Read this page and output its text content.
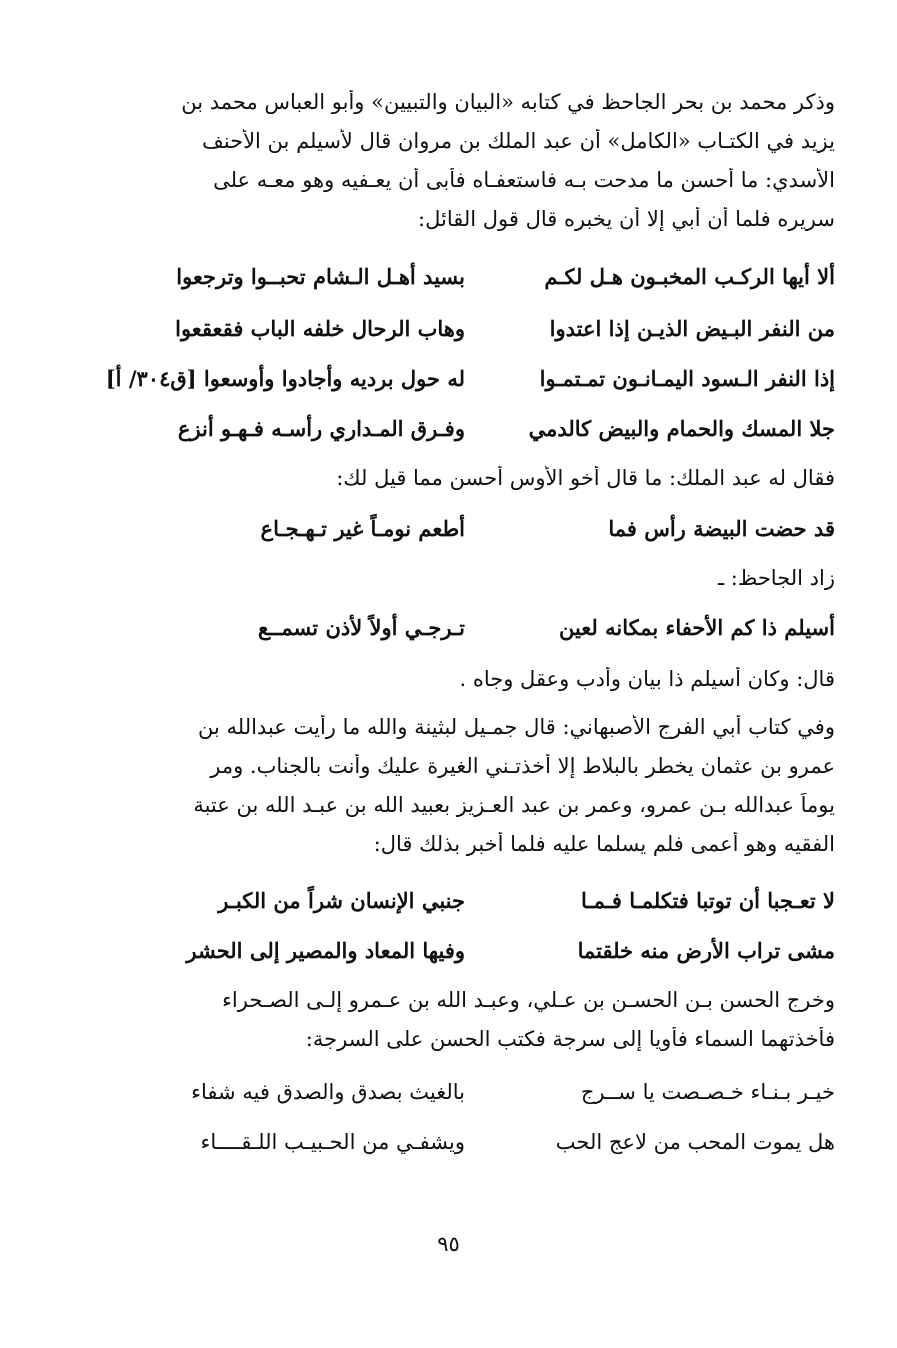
وذكر محمد بن بحر الجاحظ في كتابه «البيان والتبيين» وأبو العباس محمد بن
يزيد في الكتـاب «الكامل» أن عبد الملك بن مروان قال لأسيلم بن الأحنف
الأسدي: ما أحسن ما مدحت بـه فاستعفـاه فأبى أن يعـفيه وهو معـه على
سريره فلما أن أبي إلا أن يخبره قال قول القائل:
ألا أيها الركـب المخبـون هـل لكـم
بسيد أهـل الـشام تحبــوا وترجعوا
من النفر البـيض الذيـن إذا اعتدوا
وهاب الرحال خلفه الباب فقعقعوا
إذا النفر الـسود اليمـانـون تمـتمـوا
له حول برديه وأجادوا وأوسعوا [ق٣٠٤/ أ]
جلا المسك والحمام والبيض كالدمي
وفـرق المـداري رأسـه فـهـو أنزع
فقال له عبد الملك: ما قال أخو الأوس أحسن مما قيل لك:
قد حضت البيضة رأس فما
أطعم نومـاً غير تـهـجـاع
زاد الجاحظ: ـ
أسيلم ذا كم الأحفاء بمكانه لعين
تـرجـي أولاً لأذن تسمــع
قال: وكان أسيلم ذا بيان وأدب وعقل وجاه .
وفي كتاب أبي الفرج الأصبهاني: قال جمـيل لبثينة والله ما رأيت عبدالله بن
عمرو بن عثمان يخطر بالبلاط إلا أخذتـني الغيرة عليك وأنت بالجناب. ومر
يوماً عبدالله بـن عمرو، وعمر بن عبد العـزيز بعبيد الله بن عبـد الله بن عتبة
الفقيه وهو أعمى فلم يسلما عليه فلما أخبر بذلك قال:
لا تعـجبا أن توتبا فتكلمـا فـمـا
جنبي الإنسان شراً من الكبـر
مشى تراب الأرض منه خلقتما
وفيها المعاد والمصير إلى الحشر
وخرج الحسن بـن الحسـن بن عـلي، وعبـد الله بن عـمرو إلـى الصـحراء
فأخذتهما السماء فأويا إلى سرجة فكتب الحسن على السرجة:
خيـر بـنـاء خـصـصت يا ســرج
بالغيث بصدق والصدق فيه شفاء
هل يموت المحب من لاعج الحب
ويشفـي من الحـبيـب اللـقــــاء
٩٥
